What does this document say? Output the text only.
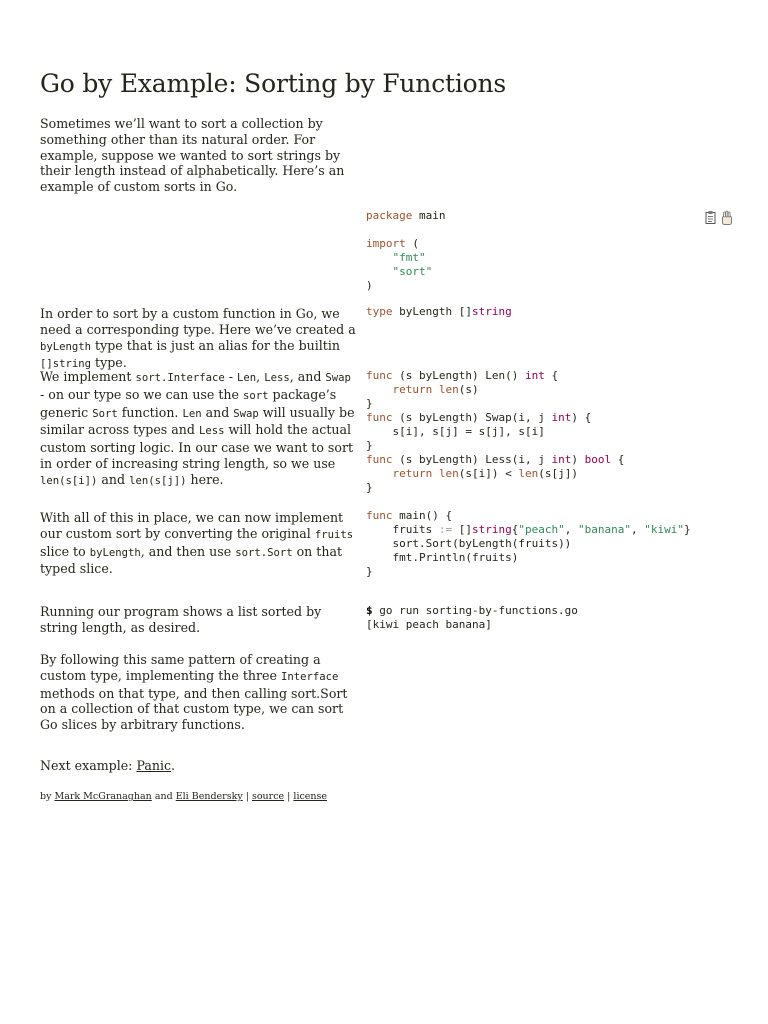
Go by Example: Sorting by Functions

Sometimes we’ll want to sort a collection by something other than its natural order. For example, suppose we wanted to sort strings by their length instead of alphabetically. Here’s an example of custom sorts in Go.

package main
import (
"fmt"
"sort"
)

In order to sort by a custom function in Go, we need a corresponding type. Here we’ve created a byLength type that is just an alias for the builtin []string type.

type byLength []string

We implement sort.Interface - Len, Less, and Swap - on our type so we can use the sort package’s generic Sort function. Len and Swap will usually be similar across types and Less will hold the actual custom sorting logic. In our case we want to sort in order of increasing string length, so we use len(s[i]) and len(s[j]) here.

func (s byLength) Len() int {
return len(s)
}
func (s byLength) Swap(i, j int) {
s[i], s[j] = s[j], s[i]
}
func (s byLength) Less(i, j int) bool {
return len(s[i]) < len(s[j])
}

With all of this in place, we can now implement our custom sort by converting the original fruits slice to byLength, and then use sort.Sort on that typed slice.

func main() {
fruits := []string{"peach", "banana", "kiwi"}
sort.Sort(byLength(fruits))
fmt.Println(fruits)
}

Running our program shows a list sorted by string length, as desired.

$ go run sorting-by-functions.go
[kiwi peach banana]

By following this same pattern of creating a custom type, implementing the three Interface methods on that type, and then calling sort.Sort on a collection of that custom type, we can sort Go slices by arbitrary functions.

Next example: Panic.

by Mark McGranaghan and Eli Bendersky | source | license
